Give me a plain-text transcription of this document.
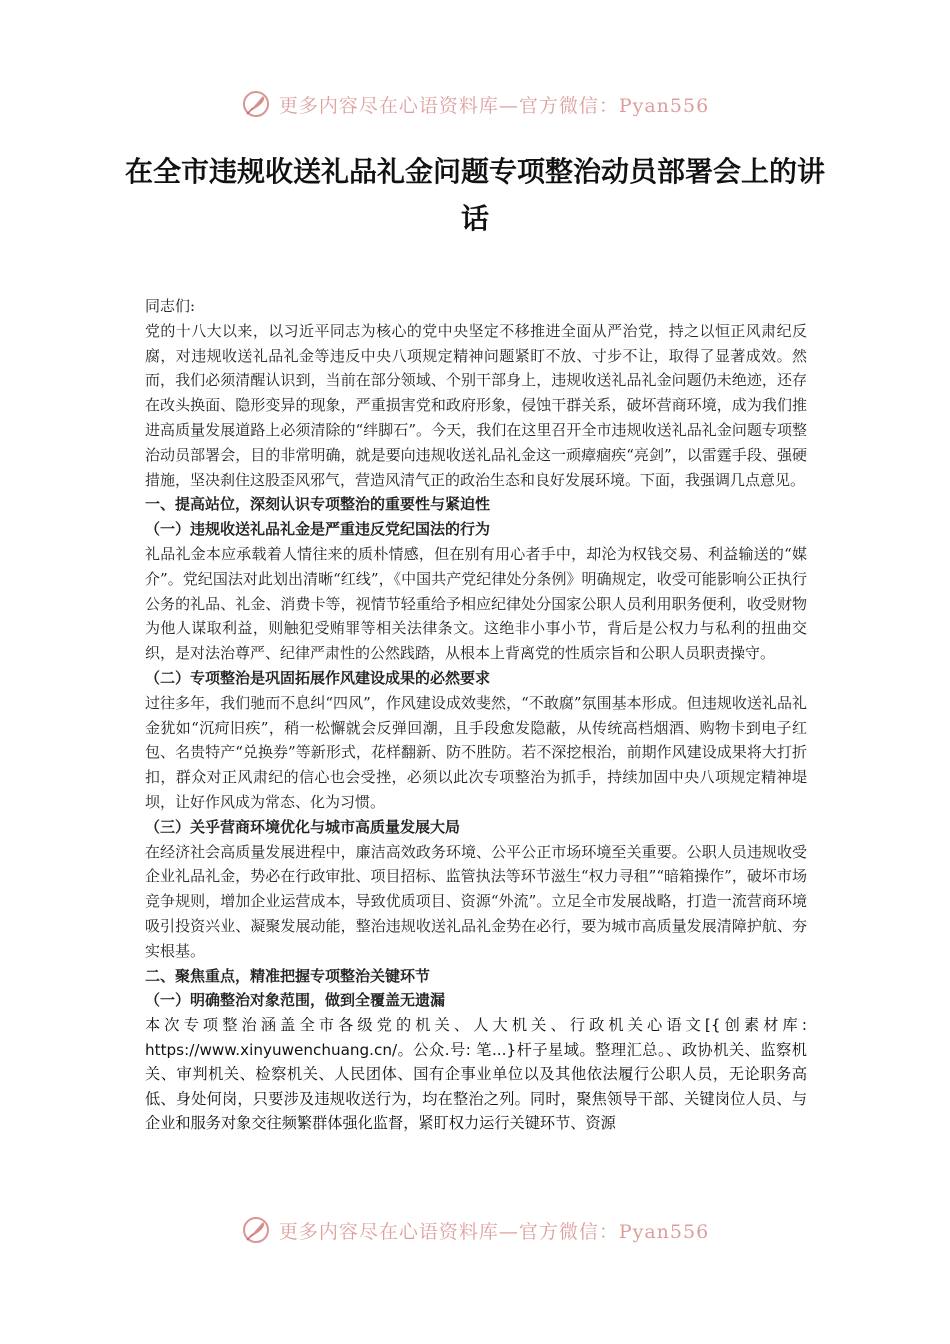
更多内容尽在心语资料库—官方微信：Pyan556
在全市违规收送礼品礼金问题专项整治动员部署会上的讲话

同志们:

党的十八大以来，以习近平同志为核心的党中央坚定不移推进全面从严治党，持之以恒正风肃纪反腐，对违规收送礼品礼金等违反中央八项规定精神问题紧盯不放、寸步不让，取得了显著成效。然而，我们必须清醒认识到，当前在部分领域、个别干部身上，违规收送礼品礼金问题仍未绝迹，还存在改头换面、隐形变异的现象，严重损害党和政府形象，侵蚀干群关系，破坏营商环境，成为我们推进高质量发展道路上必须清除的“绊脚石”。今天，我们在这里召开全市违规收送礼品礼金问题专项整治动员部署会，目的非常明确，就是要向违规收送礼品礼金这一顽瘴痼疾“亮剑”，以雷霆手段、强硬措施，坚决刹住这股歪风邪气，营造风清气正的政治生态和良好发展环境。下面，我强调几点意见。

一、提高站位，深刻认识专项整治的重要性与紧迫性

（一）违规收送礼品礼金是严重违反党纪国法的行为

礼品礼金本应承载着人情往来的质朴情感，但在别有用心者手中，却沦为权钱交易、利益输送的“媒介”。党纪国法对此划出清晰“红线”，《中国共产党纪律处分条例》明确规定，收受可能影响公正执行公务的礼品、礼金、消费卡等，视情节轻重给予相应纪律处分国家公职人员利用职务便利，收受财物为他人谋取利益，则触犯受贿罪等相关法律条文。这绝非小事小节，背后是公权力与私利的扭曲交织，是对法治尊严、纪律严肃性的公然践踏，从根本上背离党的性质宗旨和公职人员职责操守。

（二）专项整治是巩固拓展作风建设成果的必然要求

过往多年，我们驰而不息纠“四风”，作风建设成效斐然，“不敢腐”氛围基本形成。但违规收送礼品礼金犹如“沉疴旧疾”，稍一松懈就会反弹回潮，且手段愈发隐蔽，从传统高档烟酒、购物卡到电子红包、名贵特产“兑换券”等新形式，花样翻新、防不胜防。若不深挖根治，前期作风建设成果将大打折扣，群众对正风肃纪的信心也会受挫，必须以此次专项整治为抓手，持续加固中央八项规定精神堤坝，让好作风成为常态、化为习惯。

（三）关乎营商环境优化与城市高质量发展大局

在经济社会高质量发展进程中，廉洁高效政务环境、公平公正市场环境至关重要。公职人员违规收受企业礼品礼金，势必在行政审批、项目招标、监管执法等环节滋生“权力寻租”“暗箱操作”，破坏市场竞争规则，增加企业运营成本，导致优质项目、资源“外流”。立足全市发展战略，打造一流营商环境吸引投资兴业、凝聚发展动能，整治违规收送礼品礼金势在必行，要为城市高质量发展清障护航、夯实根基。

二、聚焦重点，精准把握专项整治关键环节

（一）明确整治对象范围，做到全覆盖无遗漏

本次专项整治涵盖全市各级党的机关、人大机关、行政机关心语文[{创素材库: https://www.xinyuwenchuang.cn/。公众.号: 笔...}杆子星域。整理汇总。、政协机关、监察机关、审判机关、检察机关、人民团体、国有企事业单位以及其他依法履行公职人员，无论职务高低、身处何岗，只要涉及违规收送行为，均在整治之列。同时，聚焦领导干部、关键岗位人员、与企业和服务对象交往频繁群体强化监督，紧盯权力运行关键环节、资源

更多内容尽在心语资料库—官方微信：Pyan556
